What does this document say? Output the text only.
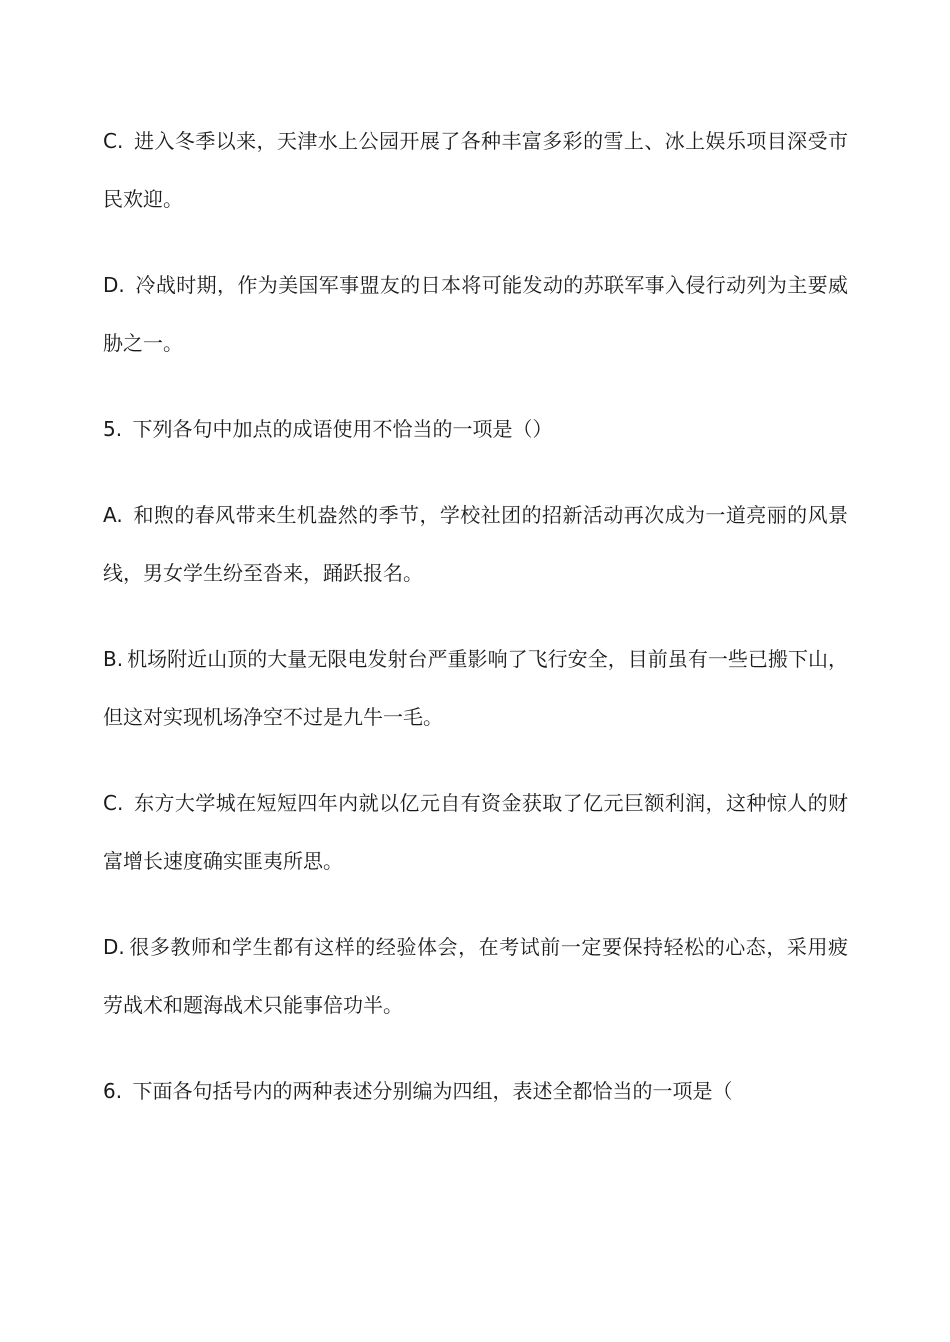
C. 进入冬季以来，天津水上公园开展了各种丰富多彩的雪上、冰上娱乐项目深受市民欢迎。

D. 冷战时期，作为美国军事盟友的日本将可能发动的苏联军事入侵行动列为主要威胁之一。

5. 下列各句中加点的成语使用不恰当的一项是（）

A. 和煦的春风带来生机盎然的季节，学校社团的招新活动再次成为一道亮丽的风景线，男女学生纷至沓来，踊跃报名。

B. 机场附近山顶的大量无限电发射台严重影响了飞行安全，目前虽有一些已搬下山，但这对实现机场净空不过是九牛一毛。

C. 东方大学城在短短四年内就以亿元自有资金获取了亿元巨额利润，这种惊人的财富增长速度确实匪夷所思。

D. 很多教师和学生都有这样的经验体会，在考试前一定要保持轻松的心态，采用疲劳战术和题海战术只能事倍功半。

6. 下面各句括号内的两种表述分别编为四组，表述全都恰当的一项是（
